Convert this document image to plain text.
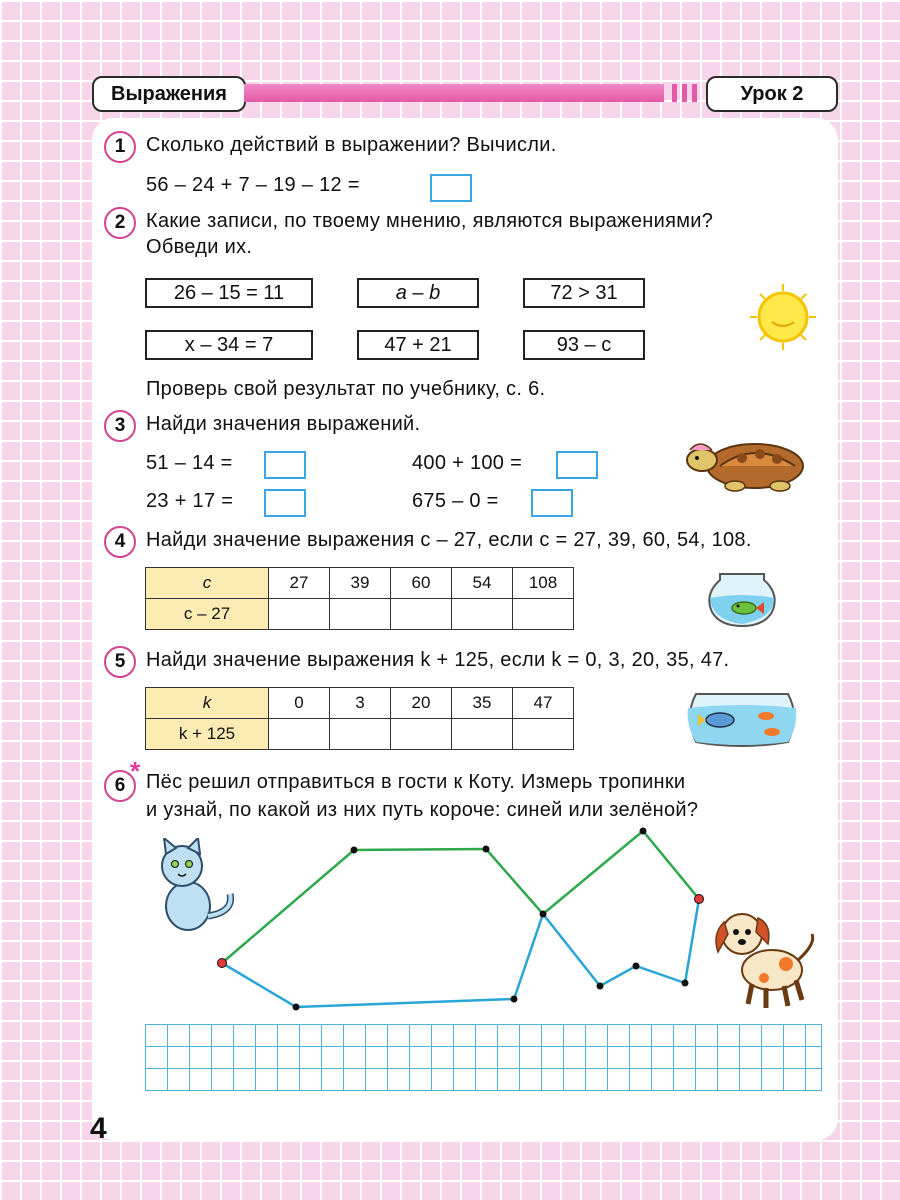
Выражения	Урок 2
1	Сколько действий в выражении? Вычисли.
56 – 24 + 7 – 19 – 12 =
2	Какие записи, по твоему мнению, являются выражениями?
Обведи их.
26 – 15 = 11	a – b	72 > 31
x – 34 = 7	47 + 21	93 – c
Проверь свой результат по учебнику, с. 6.
3	Найди значения выражений.
51 – 14 =	400 + 100 =
23 + 17 =	675 – 0 =
4	Найди значение выражения c – 27, если c = 27, 39, 60, 54, 108.
c	27	39	60	54	108
c – 27					
5	Найди значение выражения k + 125, если k = 0, 3, 20, 35, 47.
k	0	3	20	35	47
k + 125					
6 * Пёс решил отправиться в гости к Коту. Измерь тропинки
и узнай, по какой из них путь короче: синей или зелёной?
4
